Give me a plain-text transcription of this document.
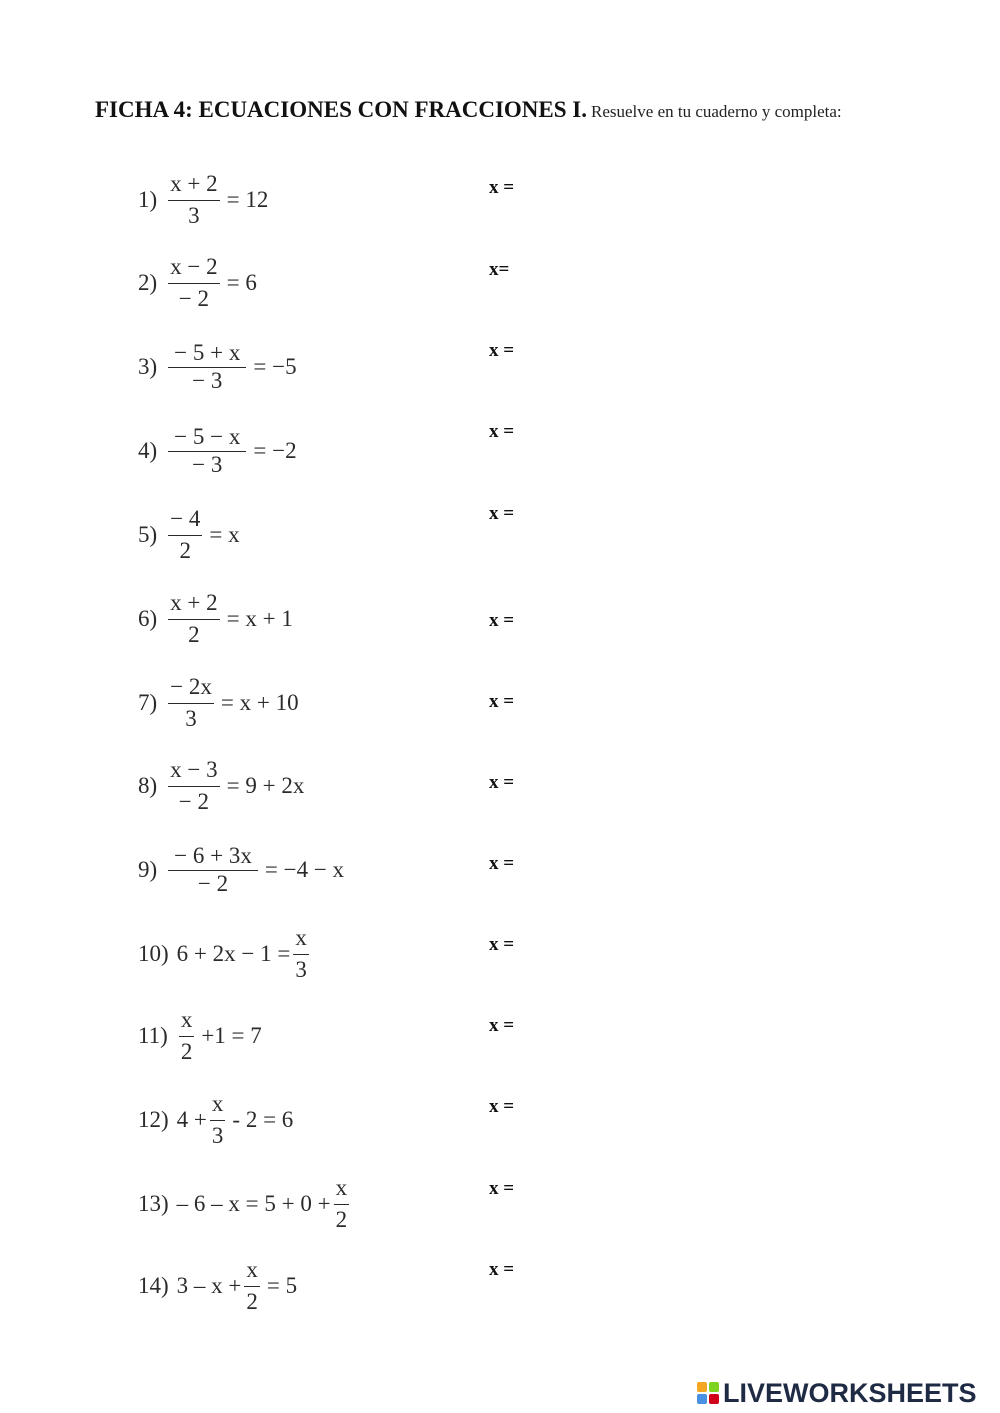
FICHA 4: ECUACIONES CON FRACCIONES I. Resuelve en tu cuaderno y completa:
$1) \frac{x + 2}{3} = 12$	x =
$2) \frac{x - 2}{- 2} = 6$
x=
$3) \frac{- 5 + x}{- 3} = -5$
x =
$4) \frac{- 5 - x}{- 3} = -2$
x =
$5) \frac{- 4}{2} = x$
x =
$6) \frac{x + 2}{2} = x + 1$	x =
$7) \frac{- 2x}{3} = x + 10$	x =
$8) \frac{x - 3}{- 2} = 9 + 2x$	x =
$9) \frac{- 6 + 3x}{- 2} = -4 - x$	x =
10) $6 + 2x - 1 = \frac{x}{3}$	x =
$11) \frac{x}{2} +1 = 7$	x =
12) $4 + \frac{x}{3} - 2 = 6$
x =
$13) - 6 - x = 5 + 0 + \frac{x}{2}$	x =
14) $3 - x + \frac{x}{2} = 5$
x =
LIVEWORKSHEETS
